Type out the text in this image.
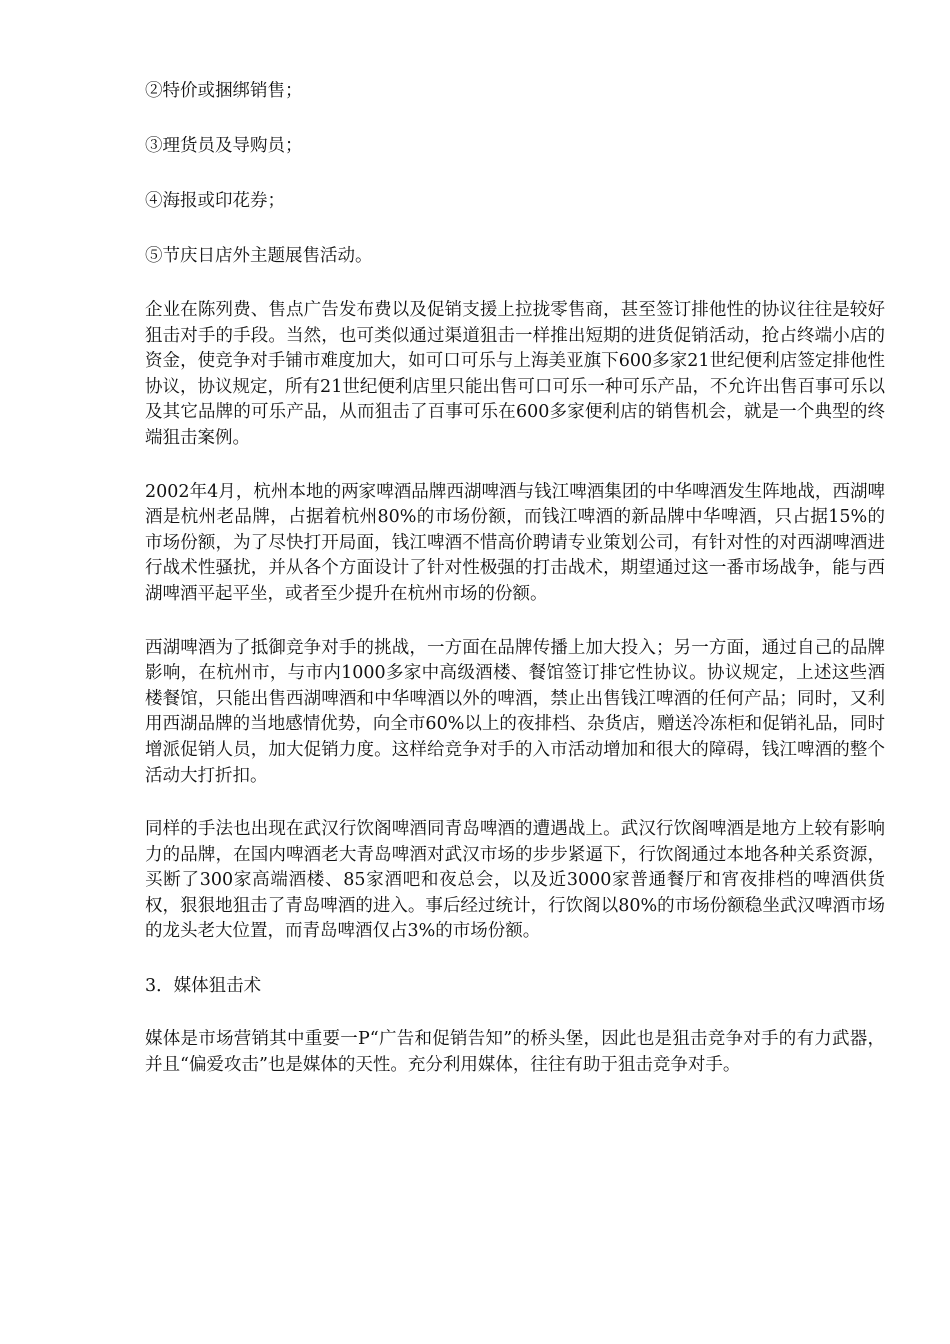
②特价或捆绑销售；
③理货员及导购员；
④海报或印花券；
⑤节庆日店外主题展售活动。

企业在陈列费、售点广告发布费以及促销支援上拉拢零售商，甚至签订排他性的协议往往是较好狙击对手的手段。当然，也可类似通过渠道狙击一样推出短期的进货促销活动，抢占终端小店的资金，使竞争对手铺市难度加大，如可口可乐与上海美亚旗下600多家21世纪便利店签定排他性协议，协议规定，所有21世纪便利店里只能出售可口可乐一种可乐产品，不允许出售百事可乐以及其它品牌的可乐产品，从而狙击了百事可乐在600多家便利店的销售机会，就是一个典型的终端狙击案例。

2002年4月，杭州本地的两家啤酒品牌西湖啤酒与钱江啤酒集团的中华啤酒发生阵地战，西湖啤酒是杭州老品牌，占据着杭州80%的市场份额，而钱江啤酒的新品牌中华啤酒，只占据15%的市场份额，为了尽快打开局面，钱江啤酒不惜高价聘请专业策划公司，有针对性的对西湖啤酒进行战术性骚扰，并从各个方面设计了针对性极强的打击战术，期望通过这一番市场战争，能与西湖啤酒平起平坐，或者至少提升在杭州市场的份额。

西湖啤酒为了抵御竞争对手的挑战，一方面在品牌传播上加大投入；另一方面，通过自己的品牌影响，在杭州市，与市内1000多家中高级酒楼、餐馆签订排它性协议。协议规定，上述这些酒楼餐馆，只能出售西湖啤酒和中华啤酒以外的啤酒，禁止出售钱江啤酒的任何产品；同时，又利用西湖品牌的当地感情优势，向全市60%以上的夜排档、杂货店，赠送冷冻柜和促销礼品，同时增派促销人员，加大促销力度。这样给竞争对手的入市活动增加和很大的障碍，钱江啤酒的整个活动大打折扣。

同样的手法也出现在武汉行饮阁啤酒同青岛啤酒的遭遇战上。武汉行饮阁啤酒是地方上较有影响力的品牌，在国内啤酒老大青岛啤酒对武汉市场的步步紧逼下，行饮阁通过本地各种关系资源，买断了300家高端酒楼、85家酒吧和夜总会，以及近3000家普通餐厅和宵夜排档的啤酒供货权，狠狠地狙击了青岛啤酒的进入。事后经过统计，行饮阁以80%的市场份额稳坐武汉啤酒市场的龙头老大位置，而青岛啤酒仅占3%的市场份额。

3．媒体狙击术

媒体是市场营销其中重要一P“广告和促销告知”的桥头堡，因此也是狙击竞争对手的有力武器，并且“偏爱攻击”也是媒体的天性。充分利用媒体，往往有助于狙击竞争对手。
